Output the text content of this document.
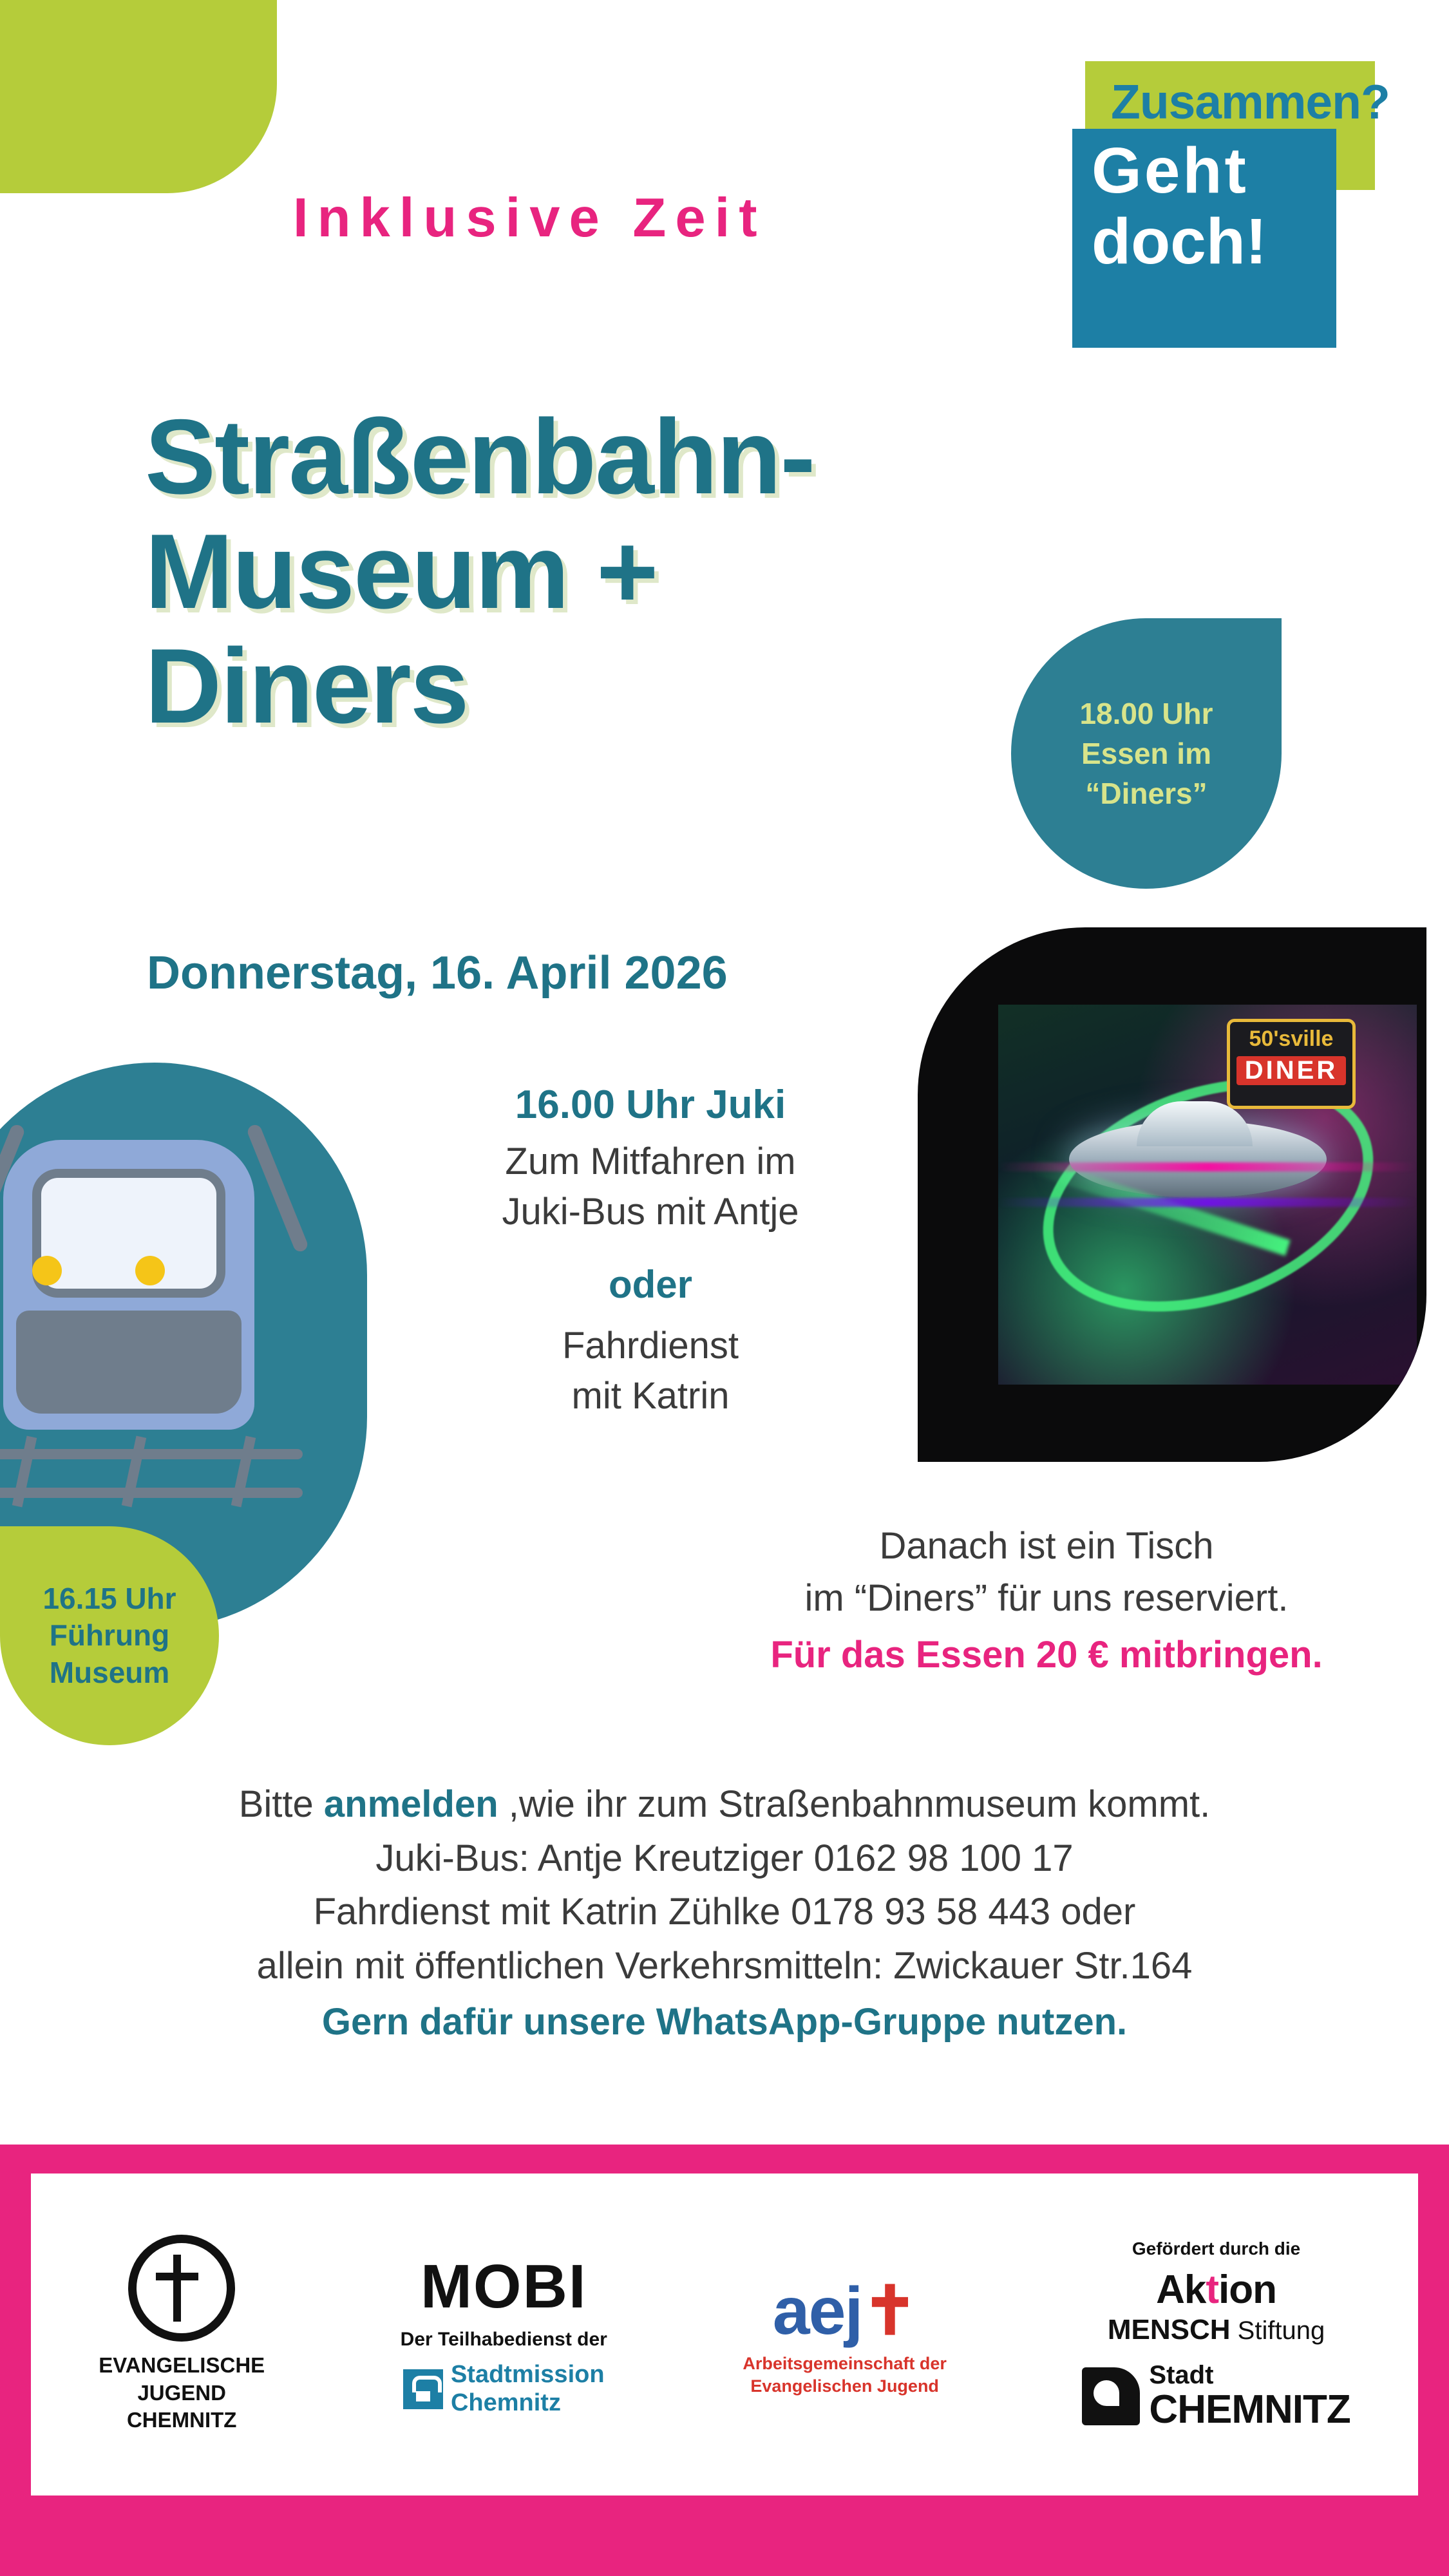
Zusammen?
Geht
doch!
Inklusive Zeit
Straßenbahn-
Museum +
Diners
Donnerstag, 16. April 2026
16.15 Uhr
Führung
Museum
18.00 Uhr
Essen im
“Diners”
50'sville
DINER
16.00 Uhr Juki
Zum Mitfahren im
Juki-Bus mit Antje
oder
Fahrdienst
mit Katrin
Danach ist ein Tisch
im “Diners” für uns reserviert.
Für das Essen 20 € mitbringen.
Bitte anmelden ,wie ihr zum Straßenbahnmuseum kommt.
Juki-Bus: Antje Kreutziger 0162 98 100 17
Fahrdienst mit Katrin Zühlke 0178 93 58 443 oder
allein mit öffentlichen Verkehrsmitteln: Zwickauer Str.164
Gern dafür unsere WhatsApp-Gruppe nutzen.
EVANGELISCHE
JUGEND
CHEMNITZ
MOBI
Der Teilhabedienst der
Stadtmission
Chemnitz
aej✝
Arbeitsgemeinschaft der
Evangelischen Jugend
Gefördert durch die
Aktion
MENSCH Stiftung
Stadt
CHEMNITZ
